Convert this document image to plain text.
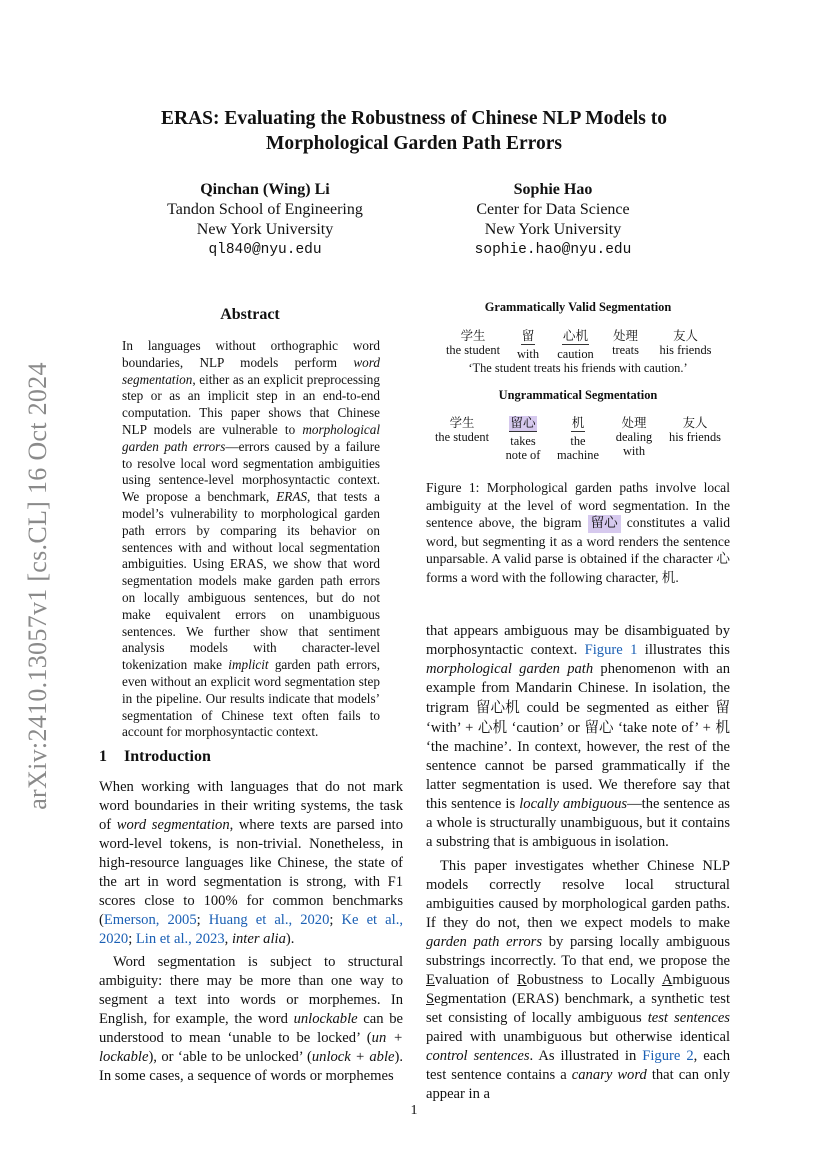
arXiv:2410.13057v1 [cs.CL] 16 Oct 2024
ERAS: Evaluating the Robustness of Chinese NLP Models to
Morphological Garden Path Errors
Qinchan (Wing) Li
Tandon School of Engineering
New York University
ql840@nyu.edu
Sophie Hao
Center for Data Science
New York University
sophie.hao@nyu.edu
Abstract
In languages without orthographic word boundaries, NLP models perform word segmentation, either as an explicit preprocessing step or as an implicit step in an end-to-end computation. This paper shows that Chinese NLP models are vulnerable to morphological garden path errors—errors caused by a failure to resolve local word segmentation ambiguities using sentence-level morphosyntactic context. We propose a benchmark, ERAS, that tests a model’s vulnerability to morphological garden path errors by comparing its behavior on sentences with and without local segmentation ambiguities. Using ERAS, we show that word segmentation models make garden path errors on locally ambiguous sentences, but do not make equivalent errors on unambiguous sentences. We further show that sentiment analysis models with character-level tokenization make implicit garden path errors, even without an explicit word segmentation step in the pipeline. Our results indicate that models’ segmentation of Chinese text often fails to account for morphosyntactic context.
1 Introduction

When working with languages that do not mark word boundaries in their writing systems, the task of word segmentation, where texts are parsed into word-level tokens, is non-trivial. Nonetheless, in high-resource languages like Chinese, the state of the art in word segmentation is strong, with F1 scores close to 100% for common benchmarks (Emerson, 2005; Huang et al., 2020; Ke et al., 2020; Lin et al., 2023, inter alia).

Word segmentation is subject to structural ambiguity: there may be more than one way to segment a text into words or morphemes. In English, for example, the word unlockable can be understood to mean ‘unable to be locked’ (un + lockable), or ‘able to be unlocked’ (unlock + able). In some cases, a sequence of words or morphemes

Grammatically Valid Segmentation
学生
the student
留
with
心机
caution
处理
treats
友人
his friends
‘The student treats his friends with caution.’
Ungrammatical Segmentation
学生
the student
留心
takes
note of
机
the
machine
处理
dealing
with
友人
his friends
Figure 1: Morphological garden paths involve local ambiguity at the level of word segmentation. In the sentence above, the bigram 留心 constitutes a valid word, but segmenting it as a word renders the sentence unparsable. A valid parse is obtained if the character 心 forms a word with the following character, 机.

that appears ambiguous may be disambiguated by morphosyntactic context. Figure 1 illustrates this morphological garden path phenomenon with an example from Mandarin Chinese. In isolation, the trigram 留心机 could be segmented as either 留 ‘with’ + 心机 ‘caution’ or 留心 ‘take note of’ + 机 ‘the machine’. In context, however, the rest of the sentence cannot be parsed grammatically if the latter segmentation is used. We therefore say that this sentence is locally ambiguous—the sentence as a whole is structurally unambiguous, but it contains a substring that is ambiguous in isolation.

This paper investigates whether Chinese NLP models correctly resolve local structural ambiguities caused by morphological garden paths. If they do not, then we expect models to make garden path errors by parsing locally ambiguous substrings incorrectly. To that end, we propose the Evaluation of Robustness to Locally Ambiguous Segmentation (ERAS) benchmark, a synthetic test set consisting of locally ambiguous test sentences paired with unambiguous but otherwise identical control sentences. As illustrated in Figure 2, each test sentence contains a canary word that can only appear in a

1
